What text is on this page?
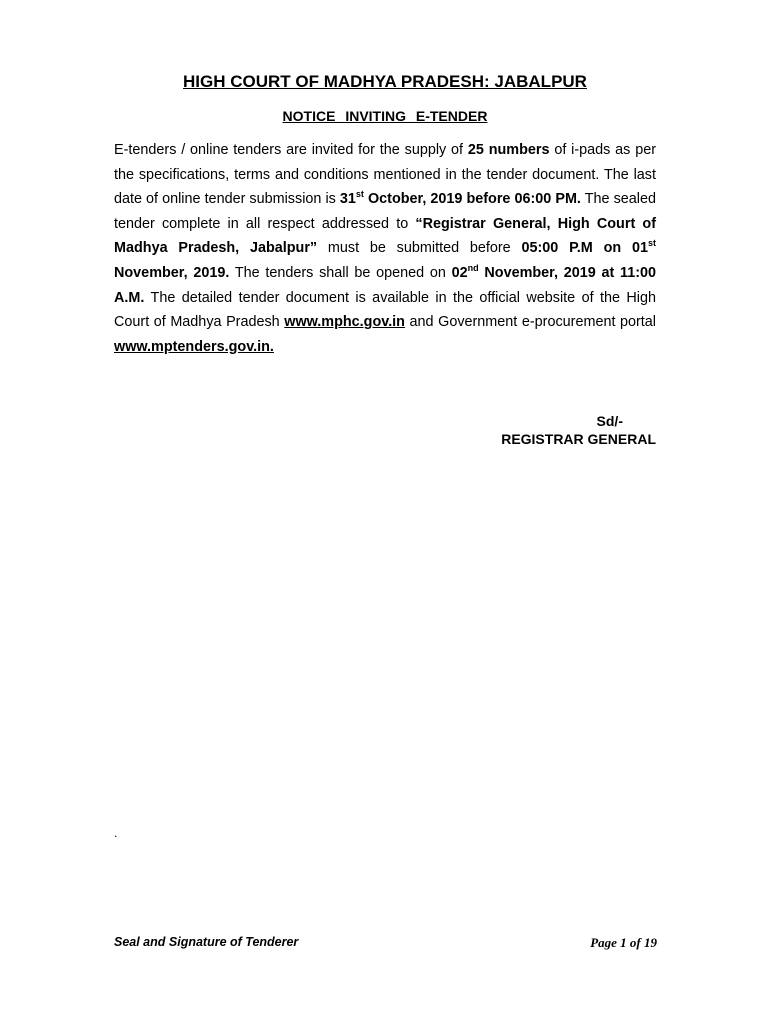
HIGH COURT OF MADHYA PRADESH: JABALPUR
NOTICE INVITING E-TENDER
E-tenders / online tenders are invited for the supply of 25 numbers of i-pads as per the specifications, terms and conditions mentioned in the tender document. The last date of online tender submission is 31st October, 2019 before 06:00 PM. The sealed tender complete in all respect addressed to “Registrar General, High Court of Madhya Pradesh, Jabalpur” must be submitted before 05:00 P.M on 01st November, 2019. The tenders shall be opened on 02nd November, 2019 at 11:00 A.M. The detailed tender document is available in the official website of the High Court of Madhya Pradesh www.mphc.gov.in and Government e-procurement portal
www.mptenders.gov.in.
Sd/-
REGISTRAR GENERAL
.
Seal and Signature of Tenderer	Page 1 of 19
